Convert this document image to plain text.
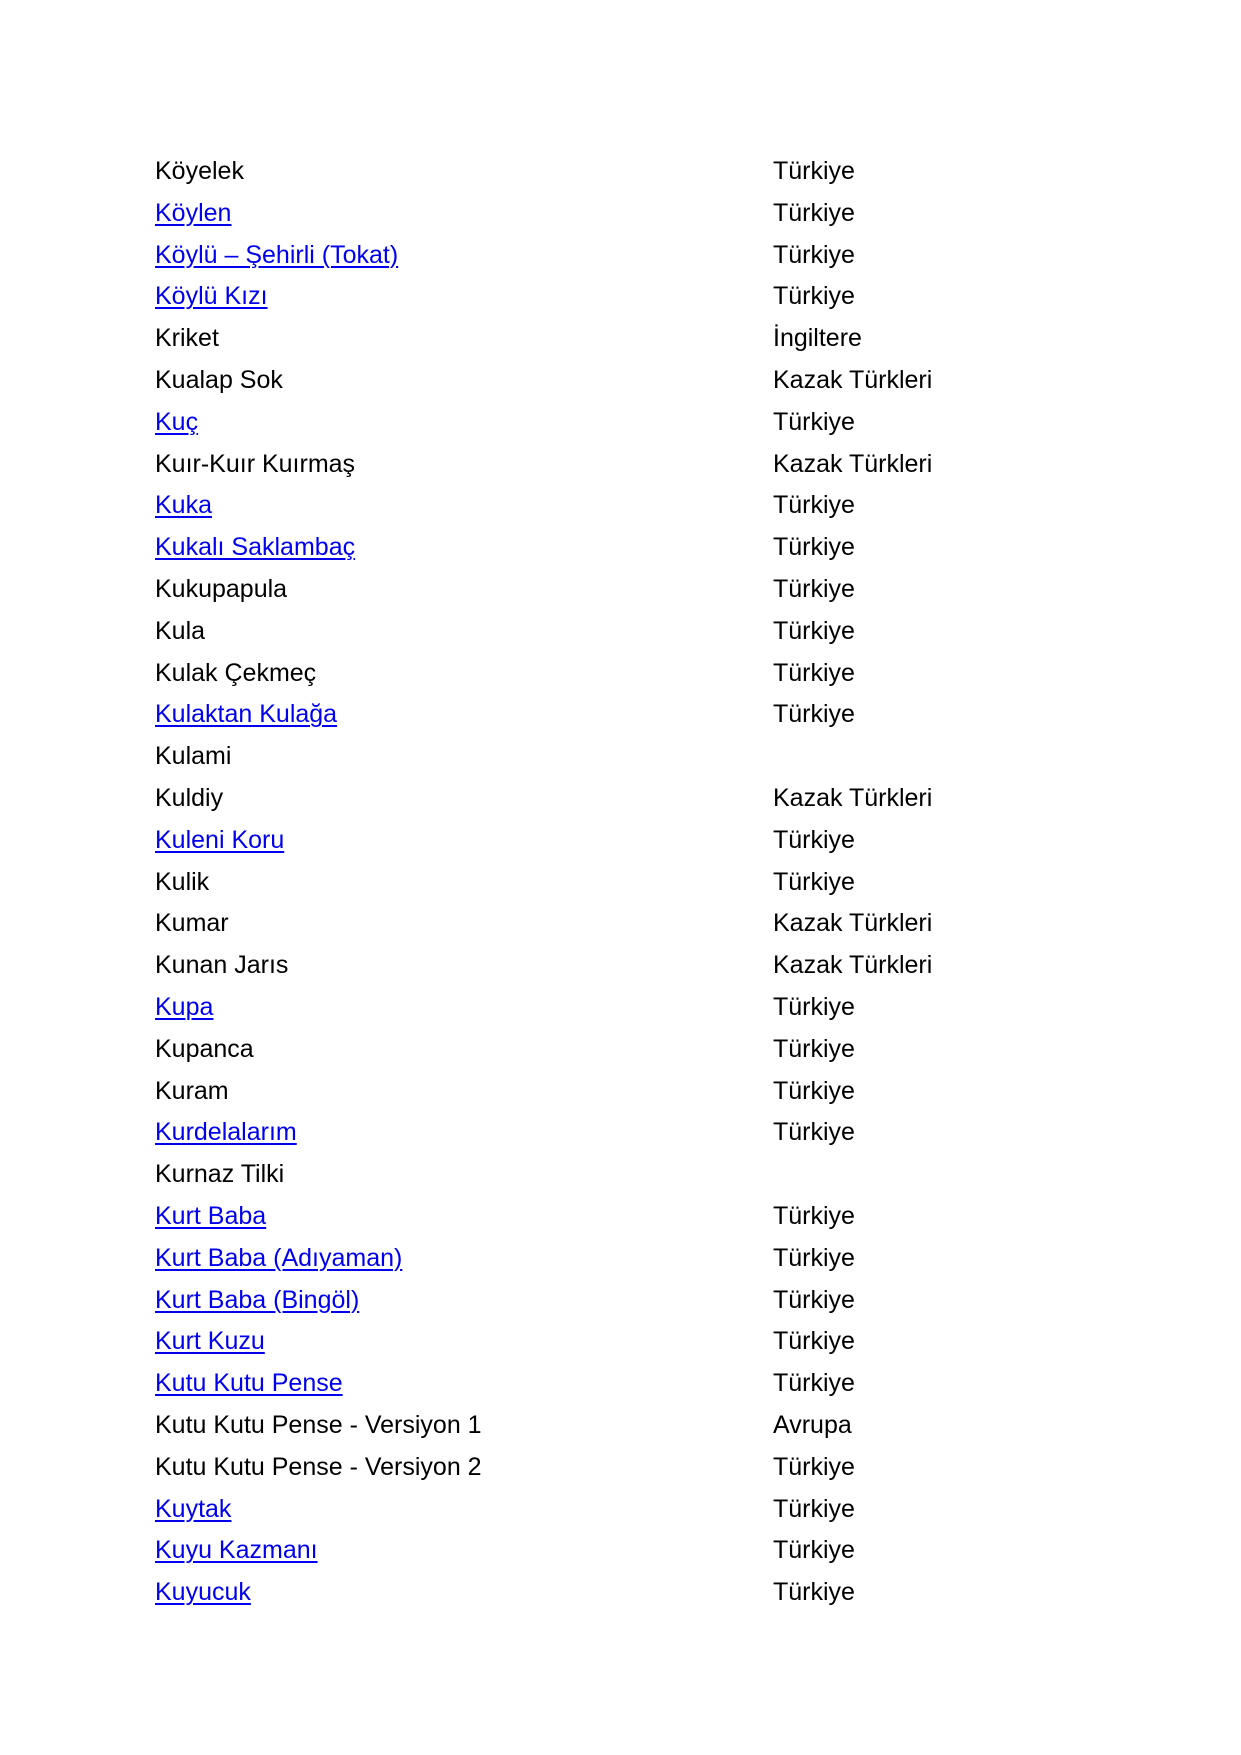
Köyelek	Türkiye
Köylen	Türkiye
Köylü – Şehirli (Tokat)	Türkiye
Köylü Kızı	Türkiye
Kriket	İngiltere
Kualap Sok	Kazak Türkleri
Kuç	Türkiye
Kuır-Kuır Kuırmaş	Kazak Türkleri
Kuka	Türkiye
Kukalı Saklambaç	Türkiye
Kukupapula	Türkiye
Kula	Türkiye
Kulak Çekmeç	Türkiye
Kulaktan Kulağa	Türkiye
Kulami
Kuldiy	Kazak Türkleri
Kuleni Koru	Türkiye
Kulik	Türkiye
Kumar	Kazak Türkleri
Kunan Jarıs	Kazak Türkleri
Kupa	Türkiye
Kupanca	Türkiye
Kuram	Türkiye
Kurdelalarım	Türkiye
Kurnaz Tilki
Kurt Baba	Türkiye
Kurt Baba (Adıyaman)	Türkiye
Kurt Baba (Bingöl)	Türkiye
Kurt Kuzu	Türkiye
Kutu Kutu Pense	Türkiye
Kutu Kutu Pense - Versiyon 1	Avrupa
Kutu Kutu Pense - Versiyon 2	Türkiye
Kuytak	Türkiye
Kuyu Kazmanı	Türkiye
Kuyucuk	Türkiye
